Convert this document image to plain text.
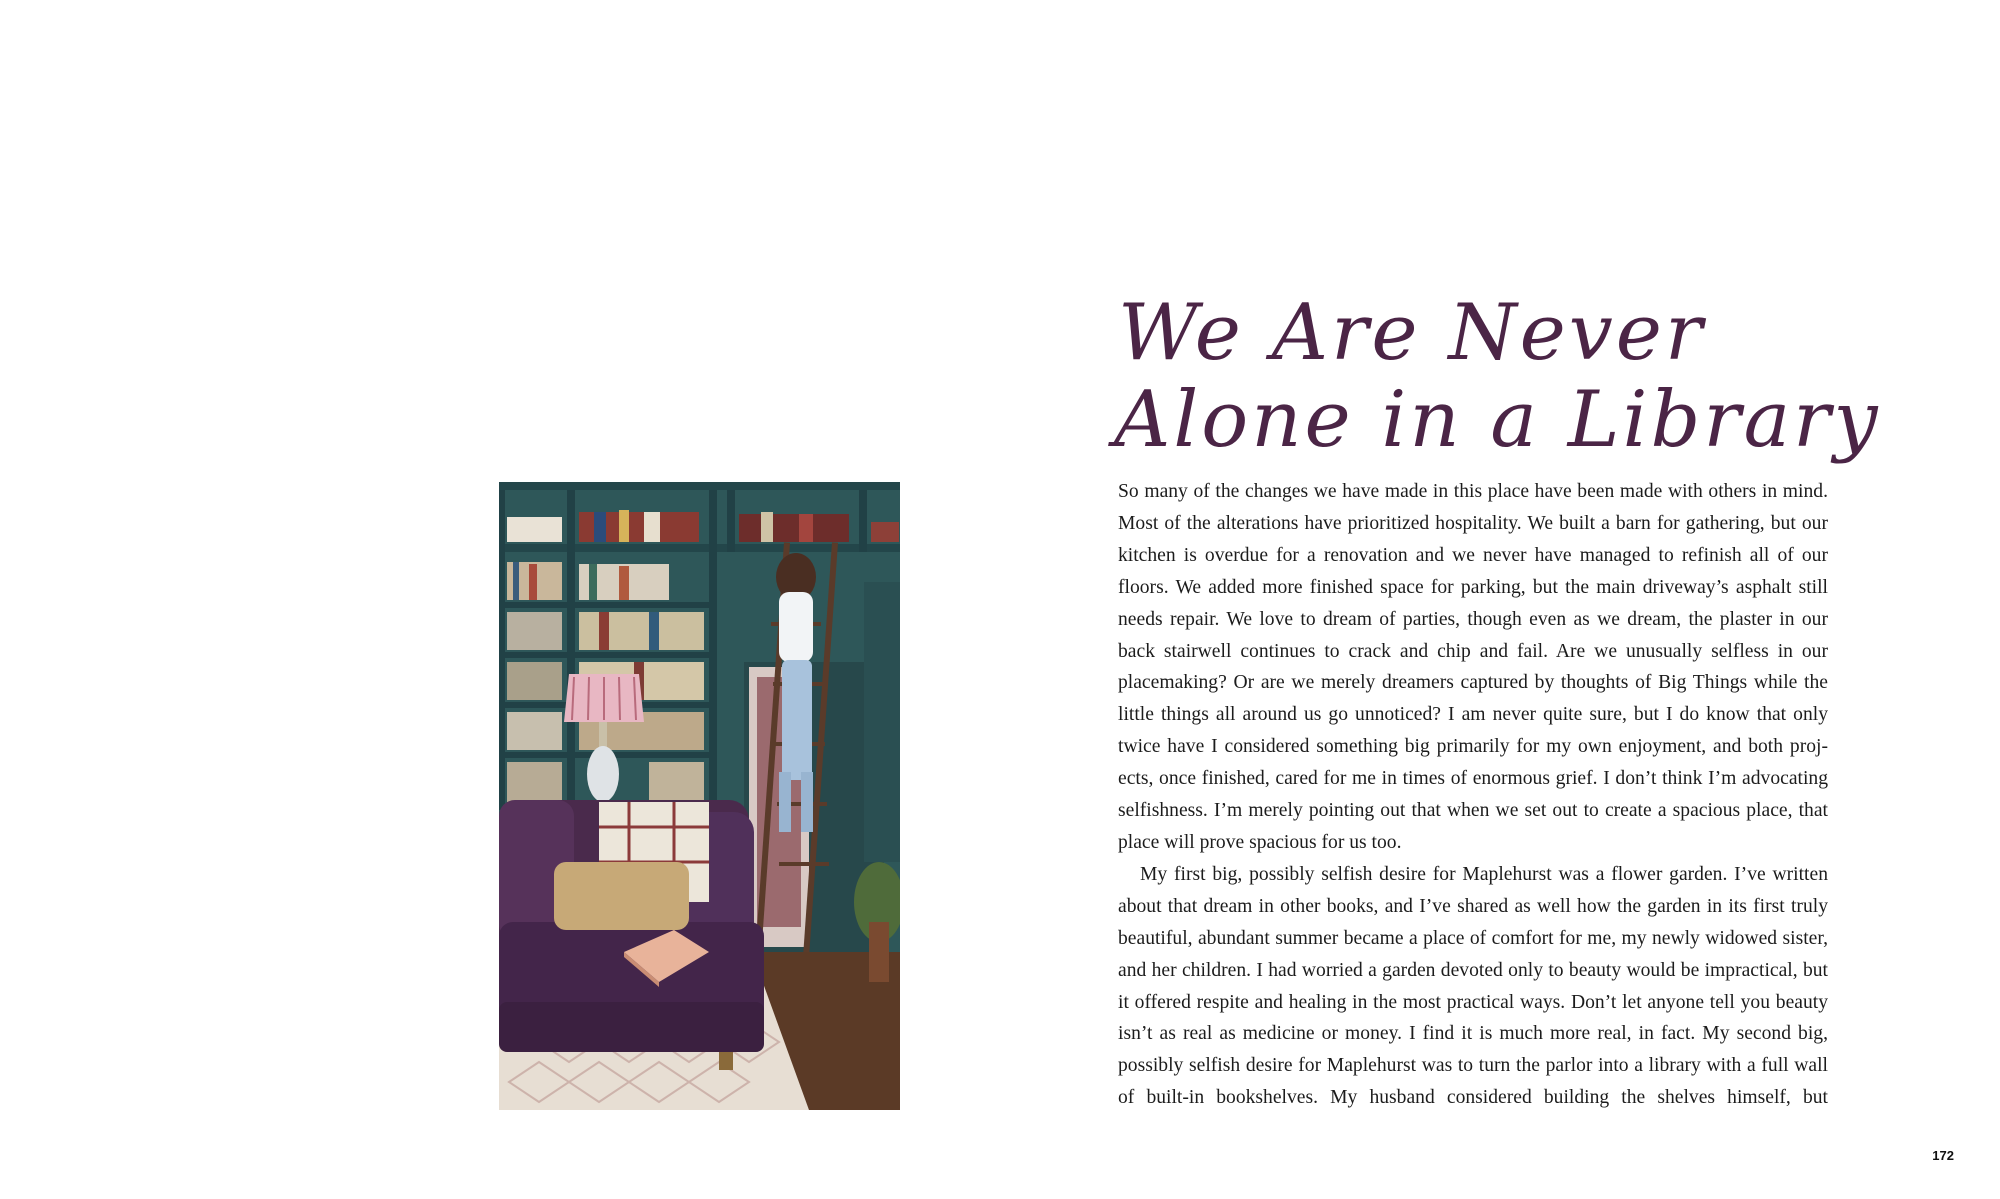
We Are Never
Alone in a Library

So many of the changes we have made in this place have been made with others in mind. Most of the alterations have prioritized hospitality. We built a barn for gathering, but our kitchen is overdue for a renovation and we never have managed to refinish all of our floors. We added more finished space for parking, but the main driveway’s asphalt still needs repair. We love to dream of parties, though even as we dream, the plaster in our back stairwell continues to crack and chip and fail. Are we unusually selfless in our placemaking? Or are we merely dreamers captured by thoughts of Big Things while the little things all around us go unnoticed? I am never quite sure, but I do know that only twice have I considered something big primarily for my own enjoyment, and both projects, once finished, cared for me in times of enormous grief. I don’t think I’m advocating selfishness. I’m merely pointing out that when we set out to create a spacious place, that place will prove spacious for us too.

My first big, possibly selfish desire for Maplehurst was a flower garden. I’ve written about that dream in other books, and I’ve shared as well how the garden in its first truly beautiful, abundant summer became a place of comfort for me, my newly widowed sister, and her children. I had worried a garden devoted only to beauty would be impractical, but it offered respite and healing in the most practical ways. Don’t let anyone tell you beauty isn’t as real as medicine or money. I find it is much more real, in fact. My second big, possibly selfish desire for Maplehurst was to turn the parlor into a library with a full wall of built-in bookshelves. My husband considered building the shelves himself, but

172
